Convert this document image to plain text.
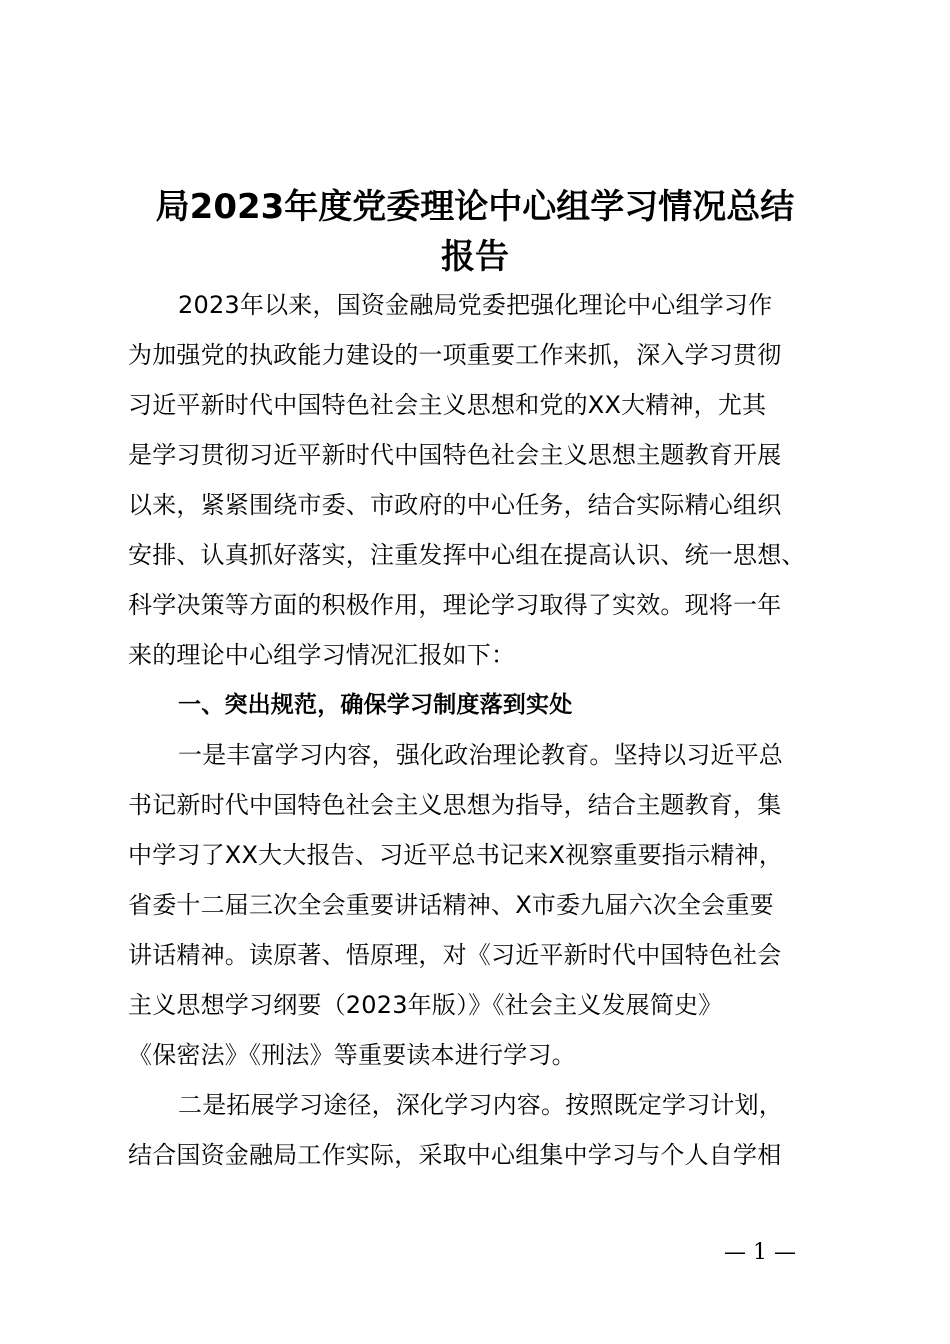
局2023年度党委理论中心组学习情况总结
报告
2023年以来，国资金融局党委把强化理论中心组学习作
为加强党的执政能力建设的一项重要工作来抓，深入学习贯彻
习近平新时代中国特色社会主义思想和党的XX大精神，尤其
是学习贯彻习近平新时代中国特色社会主义思想主题教育开展
以来，紧紧围绕市委、市政府的中心任务，结合实际精心组织
安排、认真抓好落实，注重发挥中心组在提高认识、统一思想、
科学决策等方面的积极作用，理论学习取得了实效。现将一年
来的理论中心组学习情况汇报如下：
一、突出规范，确保学习制度落到实处
一是丰富学习内容，强化政治理论教育。坚持以习近平总
书记新时代中国特色社会主义思想为指导，结合主题教育，集
中学习了XX大大报告、习近平总书记来X视察重要指示精神，
省委十二届三次全会重要讲话精神、X市委九届六次全会重要
讲话精神。读原著、悟原理，对《习近平新时代中国特色社会
主义思想学习纲要（2023年版）》《社会主义发展简史》
《保密法》《刑法》等重要读本进行学习。
二是拓展学习途径，深化学习内容。按照既定学习计划，
结合国资金融局工作实际，采取中心组集中学习与个人自学相
— 1 —
